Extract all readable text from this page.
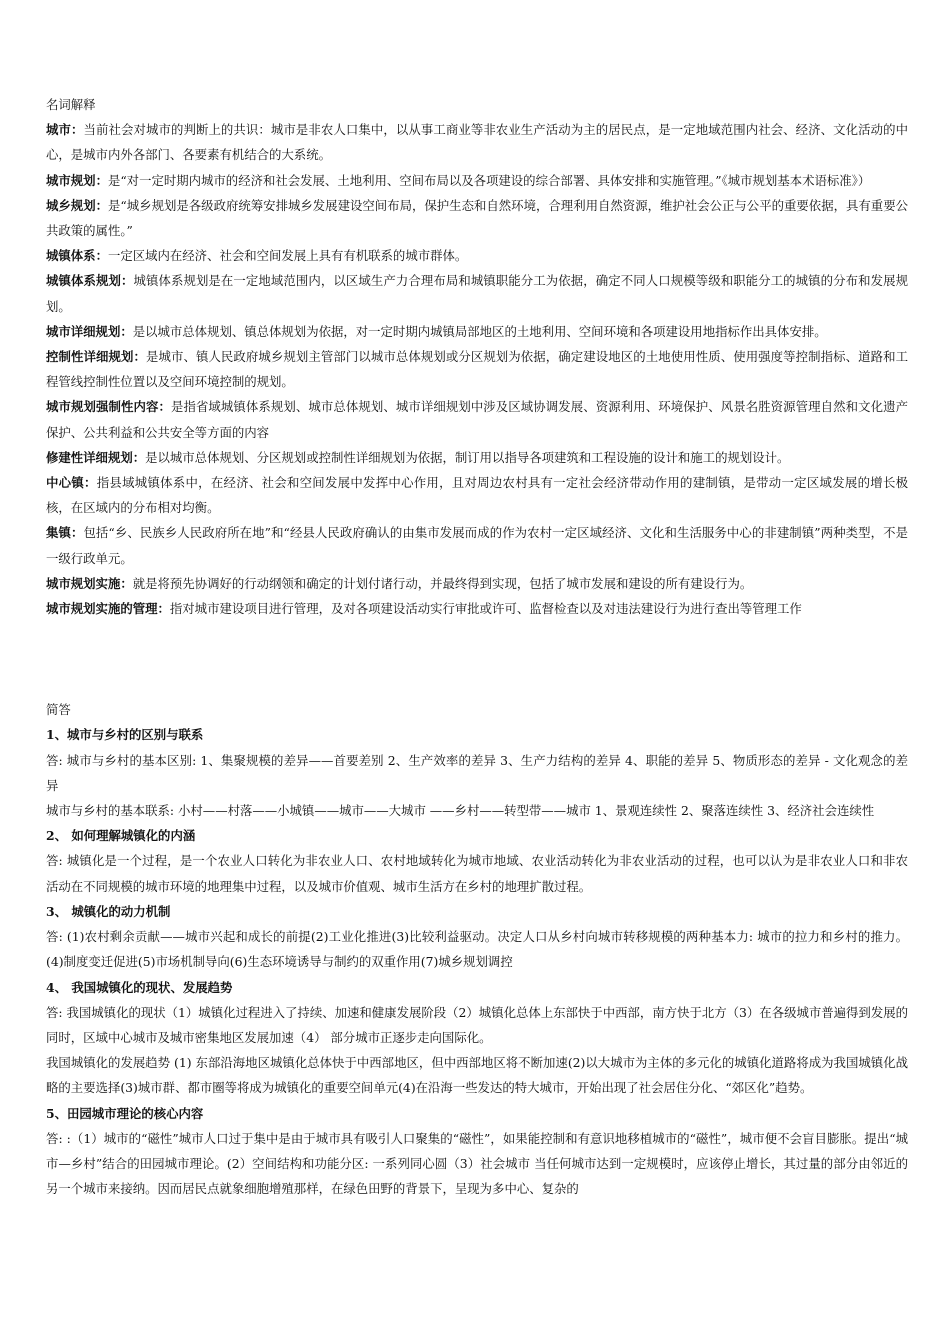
名词解释

城市：当前社会对城市的判断上的共识：城市是非农人口集中，以从事工商业等非农业生产活动为主的居民点，是一定地域范围内社会、经济、文化活动的中心，是城市内外各部门、各要素有机结合的大系统。

城市规划：是“对一定时期内城市的经济和社会发展、土地利用、空间布局以及各项建设的综合部署、具体安排和实施管理。”《城市规划基本术语标准》）

城乡规划：是“城乡规划是各级政府统筹安排城乡发展建设空间布局，保护生态和自然环境，合理利用自然资源，维护社会公正与公平的重要依据，具有重要公共政策的属性。”

城镇体系：一定区域内在经济、社会和空间发展上具有有机联系的城市群体。

城镇体系规划：城镇体系规划是在一定地域范围内，以区域生产力合理布局和城镇职能分工为依据，确定不同人口规模等级和职能分工的城镇的分布和发展规划。

城市详细规划：是以城市总体规划、镇总体规划为依据，对一定时期内城镇局部地区的土地利用、空间环境和各项建设用地指标作出具体安排。

控制性详细规划：是城市、镇人民政府城乡规划主管部门以城市总体规划或分区规划为依据，确定建设地区的土地使用性质、使用强度等控制指标、道路和工程管线控制性位置以及空间环境控制的规划。

城市规划强制性内容：是指省域城镇体系规划、城市总体规划、城市详细规划中涉及区域协调发展、资源利用、环境保护、风景名胜资源管理自然和文化遗产保护、公共利益和公共安全等方面的内容

修建性详细规划：是以城市总体规划、分区规划或控制性详细规划为依据，制订用以指导各项建筑和工程设施的设计和施工的规划设计。

中心镇：指县域城镇体系中，在经济、社会和空间发展中发挥中心作用，且对周边农村具有一定社会经济带动作用的建制镇，是带动一定区域发展的增长极核，在区域内的分布相对均衡。

集镇：包括“乡、民族乡人民政府所在地”和“经县人民政府确认的由集市发展而成的作为农村一定区域经济、文化和生活服务中心的非建制镇”两种类型，不是一级行政单元。

城市规划实施：就是将预先协调好的行动纲领和确定的计划付诸行动，并最终得到实现，包括了城市发展和建设的所有建设行为。

城市规划实施的管理：指对城市建设项目进行管理，及对各项建设活动实行审批或许可、监督检查以及对违法建设行为进行查出等管理工作

简答
1、城市与乡村的区别与联系

答: 城市与乡村的基本区别: 1、集聚规模的差异——首要差别 2、生产效率的差异 3、生产力结构的差异 4、职能的差异 5、物质形态的差异 - 文化观念的差异

城市与乡村的基本联系: 小村——村落——小城镇——城市——大城市 ——乡村——转型带——城市 1、景观连续性 2、聚落连续性 3、经济社会连续性

2、 如何理解城镇化的内涵

答: 城镇化是一个过程，是一个农业人口转化为非农业人口、农村地域转化为城市地域、农业活动转化为非农业活动的过程，也可以认为是非农业人口和非农活动在不同规模的城市环境的地理集中过程，以及城市价值观、城市生活方在乡村的地理扩散过程。

3、 城镇化的动力机制

答: (1)农村剩余贡献——城市兴起和成长的前提(2)工业化推进(3)比较利益驱动。决定人口从乡村向城市转移规模的两种基本力: 城市的拉力和乡村的推力。(4)制度变迁促进(5)市场机制导向(6)生态环境诱导与制约的双重作用(7)城乡规划调控

4、 我国城镇化的现状、发展趋势

答: 我国城镇化的现状（1）城镇化过程进入了持续、加速和健康发展阶段（2）城镇化总体上东部快于中西部，南方快于北方（3）在各级城市普遍得到发展的同时，区域中心城市及城市密集地区发展加速（4） 部分城市正逐步走向国际化。

我国城镇化的发展趋势 (1) 东部沿海地区城镇化总体快于中西部地区，但中西部地区将不断加速(2)以大城市为主体的多元化的城镇化道路将成为我国城镇化战略的主要选择(3)城市群、都市圈等将成为城镇化的重要空间单元(4)在沿海一些发达的特大城市，开始出现了社会居住分化、“郊区化”趋势。

5、田园城市理论的核心内容

答: :（1）城市的“磁性”城市人口过于集中是由于城市具有吸引人口聚集的“磁性”，如果能控制和有意识地移植城市的“磁性”，城市便不会盲目膨胀。提出“城市—乡村”结合的田园城市理论。(2）空间结构和功能分区: 一系列同心圆（3）社会城市 当任何城市达到一定规模时，应该停止增长，其过量的部分由邻近的另一个城市来接纳。因而居民点就象细胞增殖那样，在绿色田野的背景下，呈现为多中心、复杂的
